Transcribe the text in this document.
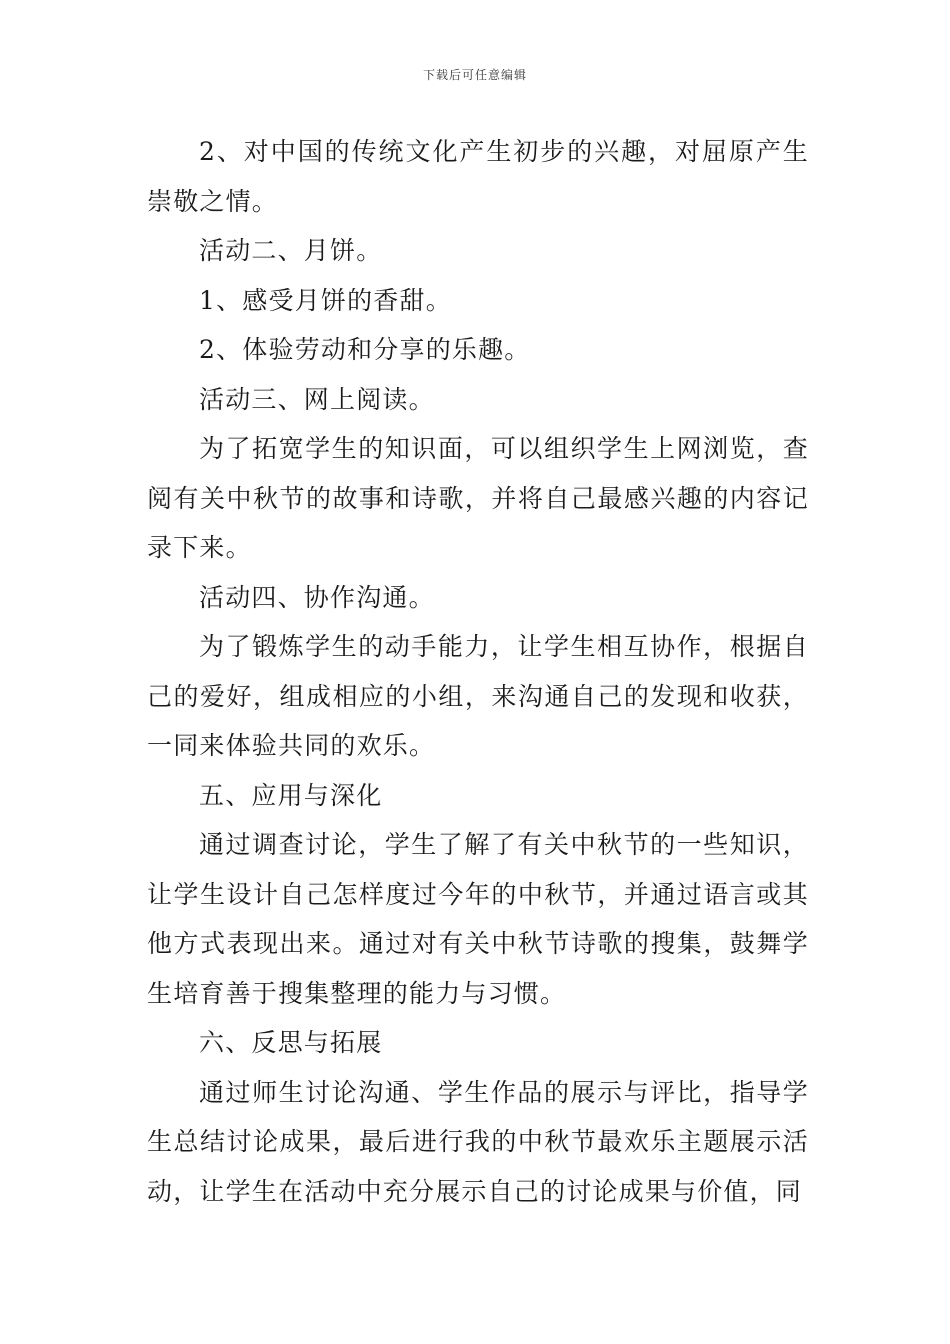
下载后可任意编辑

2、对中国的传统文化产生初步的兴趣，对屈原产生崇敬之情。

活动二、月饼。

1、感受月饼的香甜。

2、体验劳动和分享的乐趣。

活动三、网上阅读。

为了拓宽学生的知识面，可以组织学生上网浏览，查阅有关中秋节的故事和诗歌，并将自己最感兴趣的内容记录下来。

活动四、协作沟通。

为了锻炼学生的动手能力，让学生相互协作，根据自己的爱好，组成相应的小组，来沟通自己的发现和收获，一同来体验共同的欢乐。

五、应用与深化

通过调查讨论，学生了解了有关中秋节的一些知识，让学生设计自己怎样度过今年的中秋节，并通过语言或其他方式表现出来。通过对有关中秋节诗歌的搜集，鼓舞学生培育善于搜集整理的能力与习惯。

六、反思与拓展

通过师生讨论沟通、学生作品的展示与评比，指导学生总结讨论成果，最后进行我的中秋节最欢乐主题展示活动，让学生在活动中充分展示自己的讨论成果与价值，同
